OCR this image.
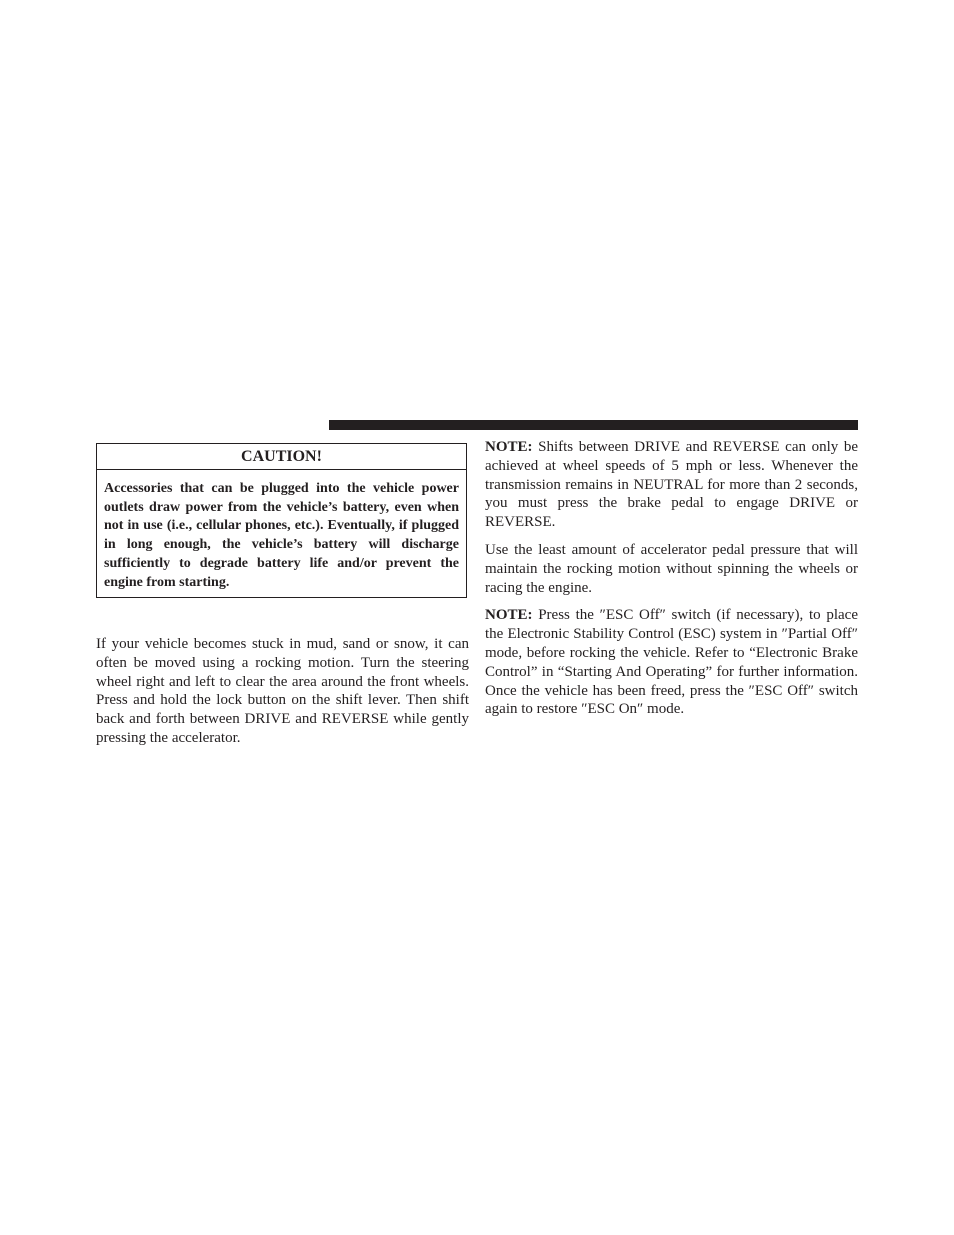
CAUTION!
Accessories that can be plugged into the vehicle power outlets draw power from the vehicle’s battery, even when not in use (i.e., cellular phones, etc.). Eventually, if plugged in long enough, the vehicle’s battery will discharge sufficiently to degrade battery life and/or prevent the engine from starting.

If your vehicle becomes stuck in mud, sand or snow, it can often be moved using a rocking motion. Turn the steering wheel right and left to clear the area around the front wheels. Press and hold the lock button on the shift lever. Then shift back and forth between DRIVE and REVERSE while gently pressing the accelerator.

NOTE: Shifts between DRIVE and REVERSE can only be achieved at wheel speeds of 5 mph or less. Whenever the transmission remains in NEUTRAL for more than 2 seconds, you must press the brake pedal to engage DRIVE or REVERSE.

Use the least amount of accelerator pedal pressure that will maintain the rocking motion without spinning the wheels or racing the engine.

NOTE: Press the ″ESC Off″ switch (if necessary), to place the Electronic Stability Control (ESC) system in ″Partial Off″ mode, before rocking the vehicle. Refer to “Electronic Brake Control” in “Starting And Operating” for further information. Once the vehicle has been freed, press the ″ESC Off″ switch again to restore ″ESC On″ mode.
